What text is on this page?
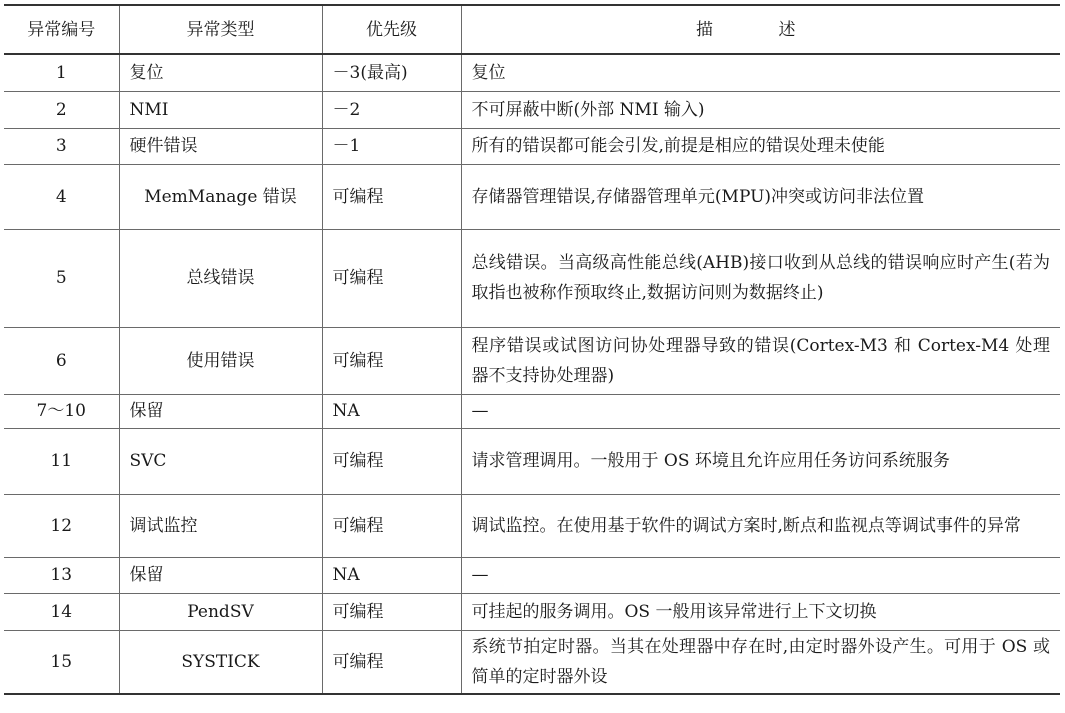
异常编号	异常类型	优先级	描 述
1	复位	－3(最高)	复位
2	NMI	－2	不可屏蔽中断(外部 NMI 输入)
3	硬件错误	－1	所有的错误都可能会引发,前提是相应的错误处理未使能
4	MemManage 错误	可编程	存储器管理错误,存储器管理单元(MPU)冲突或访问非法位置
5	总线错误	可编程	总线错误。当高级高性能总线(AHB)接口收到从总线的错误响应时产生(若为取指也被称作预取终止,数据访问则为数据终止)
6	使用错误	可编程	程序错误或试图访问协处理器导致的错误(Cortex-M3 和 Cortex-M4 处理器不支持协处理器)
7～10	保留	NA	—
11	SVC	可编程	请求管理调用。一般用于 OS 环境且允许应用任务访问系统服务
12	调试监控	可编程	调试监控。在使用基于软件的调试方案时,断点和监视点等调试事件的异常
13	保留	NA	—
14	PendSV	可编程	可挂起的服务调用。OS 一般用该异常进行上下文切换
15	SYSTICK	可编程	系统节拍定时器。当其在处理器中存在时,由定时器外设产生。可用于 OS 或简单的定时器外设
